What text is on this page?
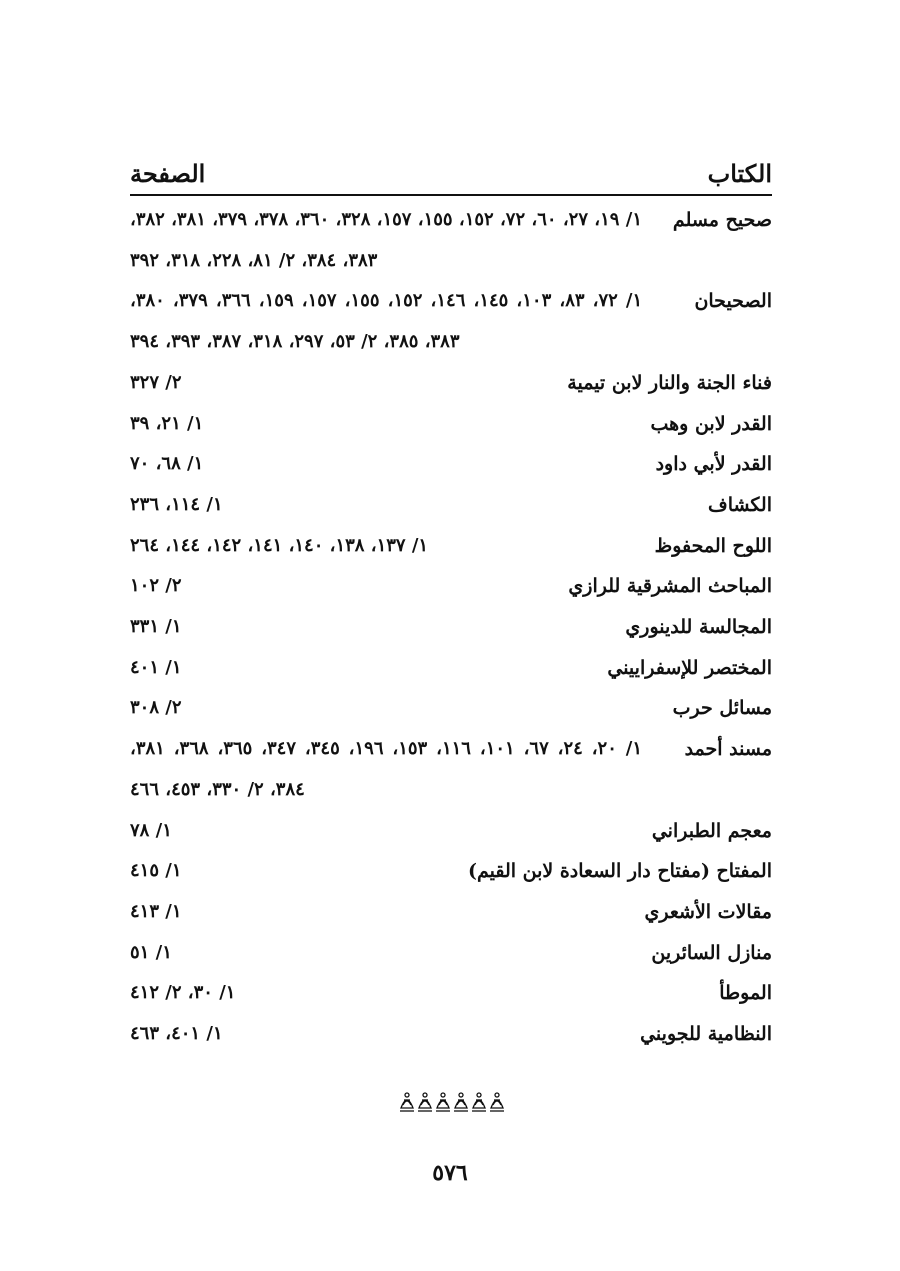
الكتاب
الصفحة
صحيح مسلم
١/ ١٩، ٢٧، ٦٠، ٧٢، ١٥٢، ١٥٥، ١٥٧، ٣٢٨، ٣٦٠، ٣٧٨، ٣٧٩، ٣٨١، ٣٨٢، ٣٨٣، ٣٨٤، ٢/ ٨١، ٢٢٨، ٣١٨، ٣٩٢
الصحيحان
١/ ٧٢، ٨٣، ١٠٣، ١٤٥، ١٤٦، ١٥٢، ١٥٥، ١٥٧، ١٥٩، ٣٦٦، ٣٧٩، ٣٨٠، ٣٨٣، ٣٨٥، ٢/ ٥٣، ٢٩٧، ٣١٨، ٣٨٧، ٣٩٣، ٣٩٤
فناء الجنة والنار لابن تيمية
٢/ ٣٢٧
القدر لابن وهب
١/ ٢١، ٣٩
القدر لأبي داود
١/ ٦٨، ٧٠
الكشاف
١/ ١١٤، ٢٣٦
اللوح المحفوظ
١/ ١٣٧، ١٣٨، ١٤٠، ١٤١، ١٤٢، ١٤٤، ٢٦٤
المباحث المشرقية للرازي
٢/ ١٠٢
المجالسة للدينوري
١/ ٣٣١
المختصر للإسفراييني
١/ ٤٠١
مسائل حرب
٢/ ٣٠٨
مسند أحمد
١/ ٢٠، ٢٤، ٦٧، ١٠١، ١١٦، ١٥٣، ١٩٦، ٣٤٥، ٣٤٧، ٣٦٥، ٣٦٨، ٣٨١، ٣٨٤، ٢/ ٣٣٠، ٤٥٣، ٤٦٦
معجم الطبراني
١/ ٧٨
المفتاح (مفتاح دار السعادة لابن القيم)
١/ ٤١٥
مقالات الأشعري
١/ ٤١٣
منازل السائرين
١/ ٥١
الموطأ
١/ ٣٠، ٢/ ٤١٢
النظامية للجويني
١/ ٤٠١، ٤٦٣
٥٧٦
